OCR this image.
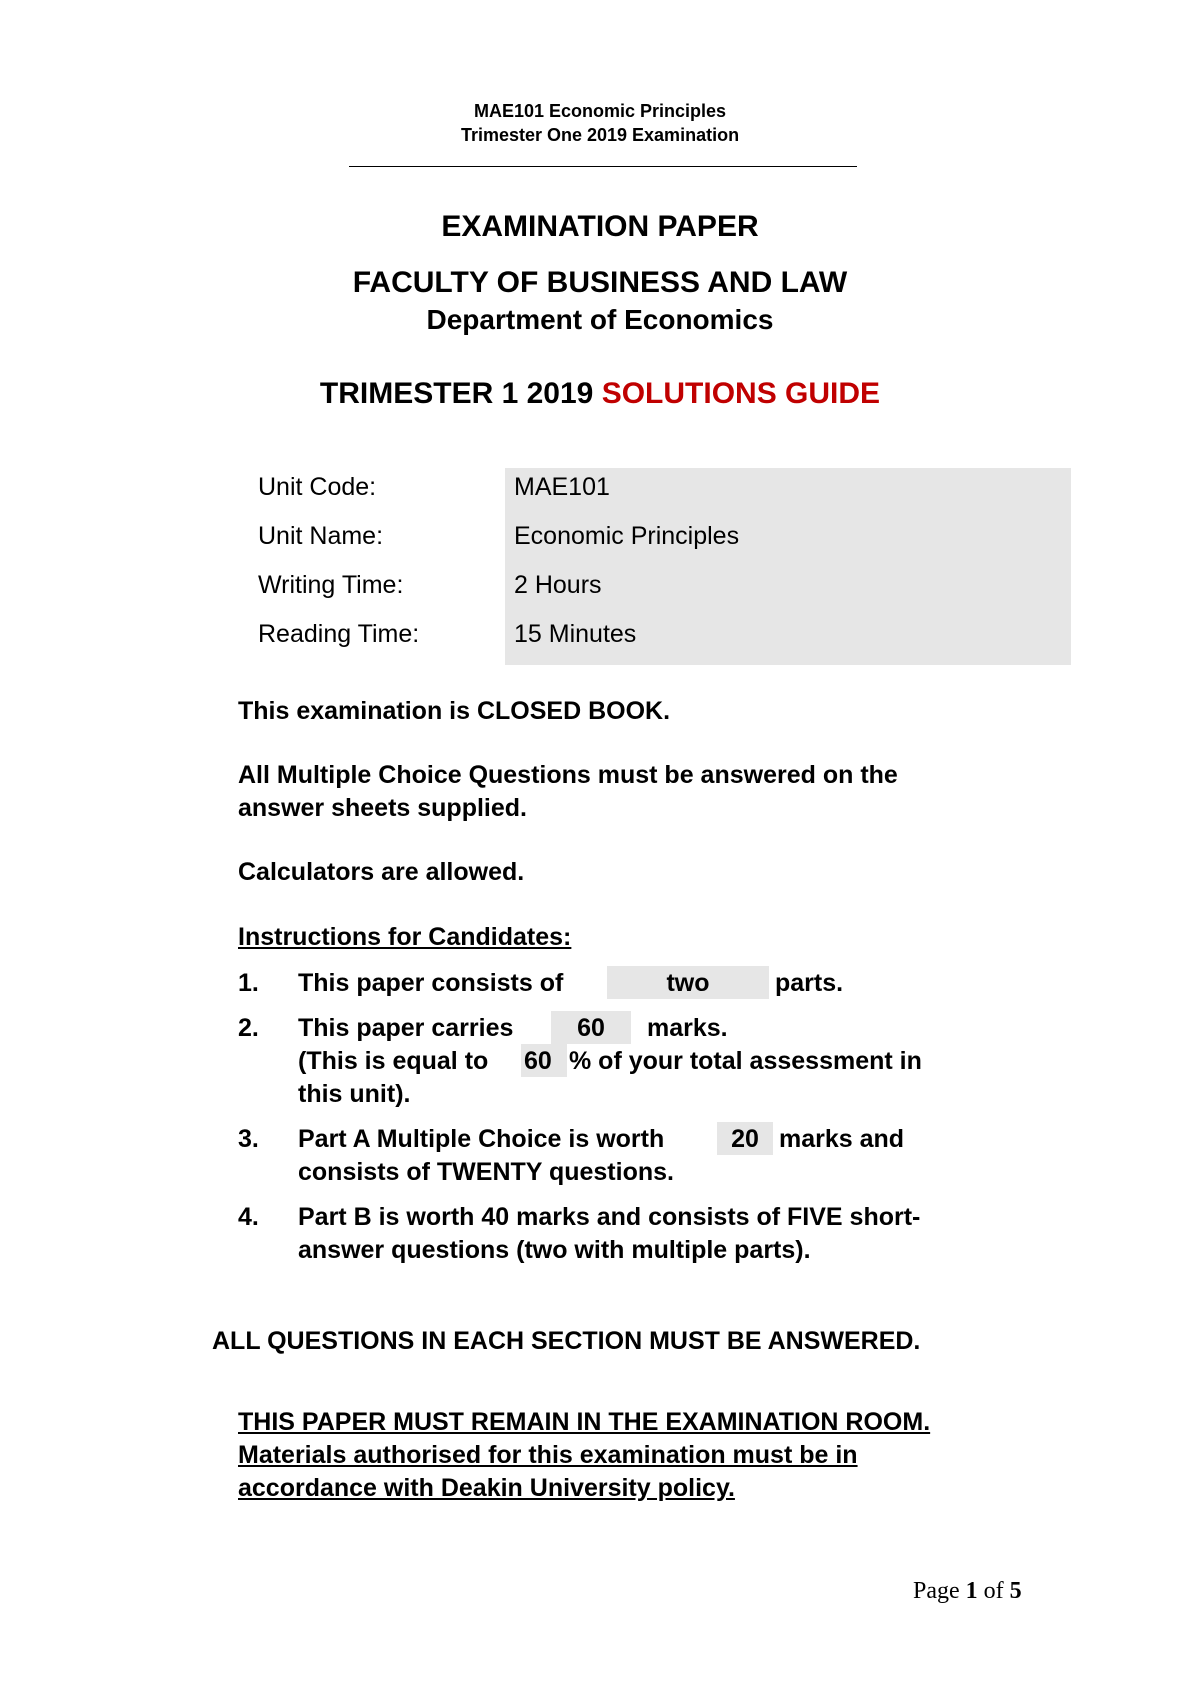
MAE101 Economic Principles
Trimester One 2019 Examination
EXAMINATION PAPER
FACULTY OF BUSINESS AND LAW
Department of Economics
TRIMESTER 1 2019 SOLUTIONS GUIDE
Unit Code:	MAE101
Unit Name:	Economic Principles
Writing Time:	2 Hours
Reading Time:	15 Minutes
This examination is CLOSED BOOK.
All Multiple Choice Questions must be answered on the
answer sheets supplied.
Calculators are allowed.
Instructions for Candidates:
1. This paper consists of	two	parts.
2. This paper carries	60	marks.
(This is equal to 60 % of your total assessment in
this unit).
3. Part A Multiple Choice is worth	20 marks and
consists of TWENTY questions.
4. Part B is worth 40 marks and consists of FIVE short-
answer questions (two with multiple parts).
ALL QUESTIONS IN EACH SECTION MUST BE ANSWERED.
THIS PAPER MUST REMAIN IN THE EXAMINATION ROOM.
Materials authorised for this examination must be in
accordance with Deakin University policy.
Page 1 of 5
